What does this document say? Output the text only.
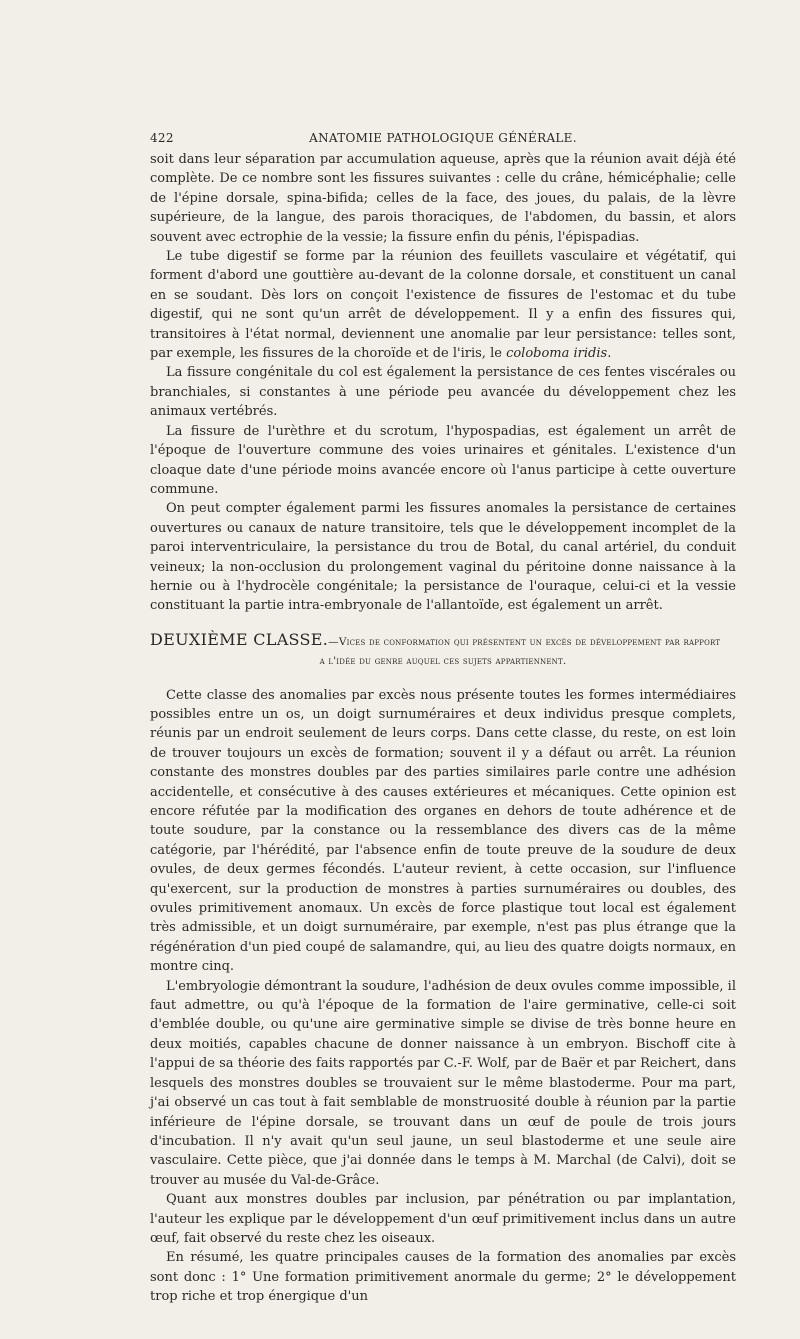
422	ANATOMIE PATHOLOGIQUE GÉNÉRALE.

soit dans leur séparation par accumulation aqueuse, après que la réunion avait déjà été complète. De ce nombre sont les fissures suivantes : celle du crâne, hémicéphalie; celle de l'épine dorsale, spina-bifida; celles de la face, des joues, du palais, de la lèvre supérieure, de la langue, des parois thoraciques, de l'abdomen, du bassin, et alors souvent avec ectrophie de la vessie; la fissure enfin du pénis, l'épispadias.

Le tube digestif se forme par la réunion des feuillets vasculaire et végétatif, qui forment d'abord une gouttière au-devant de la colonne dorsale, et constituent un canal en se soudant. Dès lors on conçoit l'existence de fissures de l'estomac et du tube digestif, qui ne sont qu'un arrêt de développement. Il y a enfin des fissures qui, transitoires à l'état normal, deviennent une anomalie par leur persistance: telles sont, par exemple, les fissures de la choroïde et de l'iris, le coloboma iridis.

La fissure congénitale du col est également la persistance de ces fentes viscérales ou branchiales, si constantes à une période peu avancée du développement chez les animaux vertébrés.

La fissure de l'urèthre et du scrotum, l'hypospadias, est également un arrêt de l'époque de l'ouverture commune des voies urinaires et génitales. L'existence d'un cloaque date d'une période moins avancée encore où l'anus participe à cette ouverture commune.

On peut compter également parmi les fissures anomales la persistance de certaines ouvertures ou canaux de nature transitoire, tels que le développement incomplet de la paroi interventriculaire, la persistance du trou de Botal, du canal artériel, du conduit veineux; la non-occlusion du prolongement vaginal du péritoine donne naissance à la hernie ou à l'hydrocèle congénitale; la persistance de l'ouraque, celui-ci et la vessie constituant la partie intra-embryonale de l'allantoïde, est également un arrêt.

DEUXIÈME CLASSE.—Vices de conformation qui présentent un excès de développement par rapport
a l'idée du genre auquel ces sujets appartiennent.

Cette classe des anomalies par excès nous présente toutes les formes intermédiaires possibles entre un os, un doigt surnuméraires et deux individus presque complets, réunis par un endroit seulement de leurs corps. Dans cette classe, du reste, on est loin de trouver toujours un excès de formation; souvent il y a défaut ou arrêt. La réunion constante des monstres doubles par des parties similaires parle contre une adhésion accidentelle, et consécutive à des causes extérieures et mécaniques. Cette opinion est encore réfutée par la modification des organes en dehors de toute adhérence et de toute soudure, par la constance ou la ressemblance des divers cas de la même catégorie, par l'hérédité, par l'absence enfin de toute preuve de la soudure de deux ovules, de deux germes fécondés. L'auteur revient, à cette occasion, sur l'influence qu'exercent, sur la production de monstres à parties surnuméraires ou doubles, des ovules primitivement anomaux. Un excès de force plastique tout local est également très admissible, et un doigt surnuméraire, par exemple, n'est pas plus étrange que la régénération d'un pied coupé de salamandre, qui, au lieu des quatre doigts normaux, en montre cinq.

L'embryologie démontrant la soudure, l'adhésion de deux ovules comme impossible, il faut admettre, ou qu'à l'époque de la formation de l'aire germinative, celle-ci soit d'emblée double, ou qu'une aire germinative simple se divise de très bonne heure en deux moitiés, capables chacune de donner naissance à un embryon. Bischoff cite à l'appui de sa théorie des faits rapportés par C.-F. Wolf, par de Baër et par Reichert, dans lesquels des monstres doubles se trouvaient sur le même blastoderme. Pour ma part, j'ai observé un cas tout à fait semblable de monstruosité double à réunion par la partie inférieure de l'épine dorsale, se trouvant dans un œuf de poule de trois jours d'incubation. Il n'y avait qu'un seul jaune, un seul blastoderme et une seule aire vasculaire. Cette pièce, que j'ai donnée dans le temps à M. Marchal (de Calvi), doit se trouver au musée du Val-de-Grâce.

Quant aux monstres doubles par inclusion, par pénétration ou par implantation, l'auteur les explique par le développement d'un œuf primitivement inclus dans un autre œuf, fait observé du reste chez les oiseaux.

En résumé, les quatre principales causes de la formation des anomalies par excès sont donc : 1° Une formation primitivement anormale du germe; 2° le développement trop riche et trop énergique d'un
